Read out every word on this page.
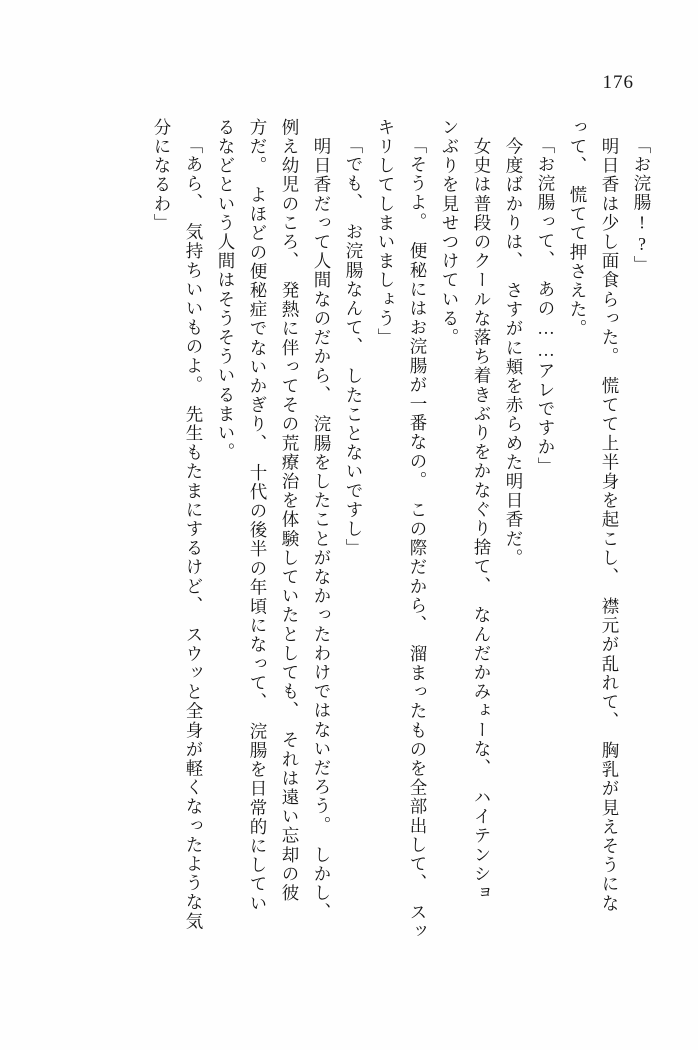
176
「お浣腸!?」
　明日香は少し面食らった。　慌てて上半身を起こし、　襟元が乱れて、　胸乳が見えそうにな
って、　慌てて押さえた。
「お浣腸って、　あの……アレですか」
　今度ばかりは、　さすがに頬を赤らめた明日香だ。
　女史は普段のクールな落ち着きぶりをかなぐり捨て、　なんだかみょーな、　ハイテンショ
ンぶりを見せつけている。
「そうよ。　便秘にはお浣腸が一番なの。　この際だから、　溜まったものを全部出して、　スッ
キリしてしまいましょう」
「でも、　お浣腸なんて、　したことないですし」
　明日香だって人間なのだから、　浣腸をしたことがなかったわけではないだろう。　しかし、
例え幼児のころ、　発熱に伴ってその荒療治を体験していたとしても、　それは遠い忘却の彼
方だ。　よほどの便秘症でないかぎり、　十代の後半の年頃になって、　浣腸を日常的にしてい
るなどという人間はそうそういるまい。
「あら、　気持ちいいものよ。　先生もたまにするけど、　スウッと全身が軽くなったような気
分になるわ」
